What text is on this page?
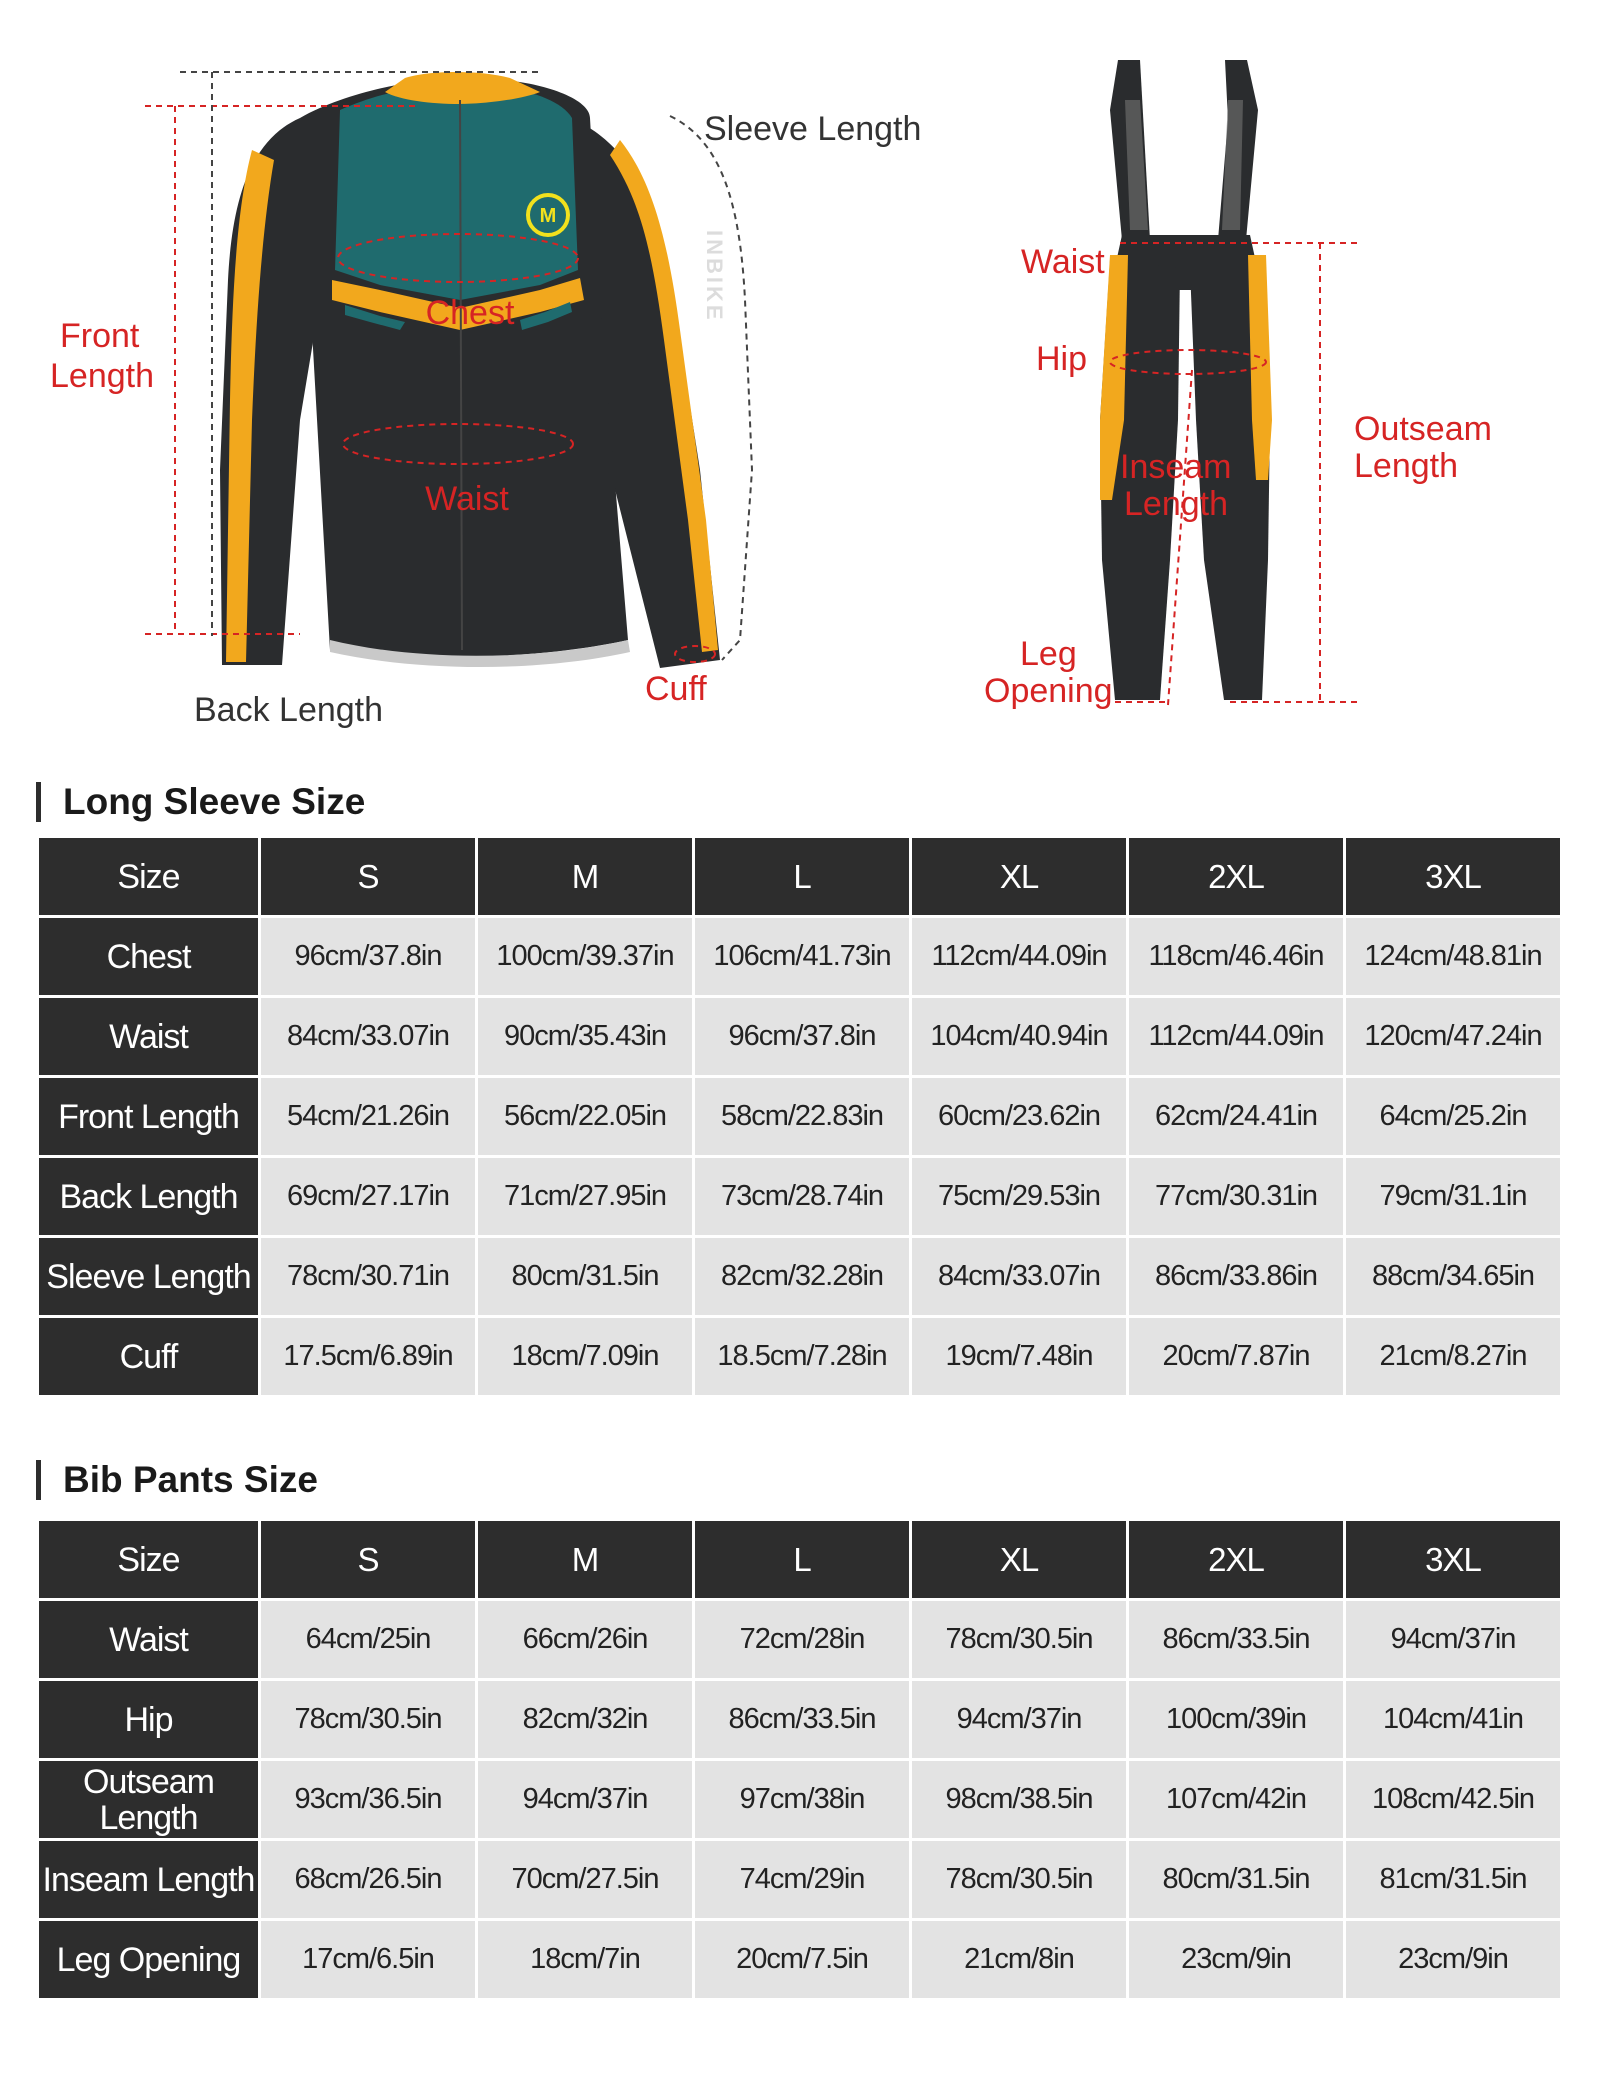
M
INBIKE
Sleeve Length
Front
Length
Chest
Waist
Back Length
Cuff
Waist
Hip
Outseam
Length
Inseam
Length
Leg
Opening
Long Sleeve Size
Size	S	M	L	XL	2XL	3XL
Chest	96cm/37.8in	100cm/39.37in	106cm/41.73in	112cm/44.09in	118cm/46.46in	124cm/48.81in
Waist	84cm/33.07in	90cm/35.43in	96cm/37.8in	104cm/40.94in	112cm/44.09in	120cm/47.24in
Front Length	54cm/21.26in	56cm/22.05in	58cm/22.83in	60cm/23.62in	62cm/24.41in	64cm/25.2in
Back Length	69cm/27.17in	71cm/27.95in	73cm/28.74in	75cm/29.53in	77cm/30.31in	79cm/31.1in
Sleeve Length	78cm/30.71in	80cm/31.5in	82cm/32.28in	84cm/33.07in	86cm/33.86in	88cm/34.65in
Cuff	17.5cm/6.89in	18cm/7.09in	18.5cm/7.28in	19cm/7.48in	20cm/7.87in	21cm/8.27in
Bib Pants Size
Size	S	M	L	XL	2XL	3XL
Waist	64cm/25in	66cm/26in	72cm/28in	78cm/30.5in	86cm/33.5in	94cm/37in
Hip	78cm/30.5in	82cm/32in	86cm/33.5in	94cm/37in	100cm/39in	104cm/41in
Outseam Length	93cm/36.5in	94cm/37in	97cm/38in	98cm/38.5in	107cm/42in	108cm/42.5in
Inseam Length	68cm/26.5in	70cm/27.5in	74cm/29in	78cm/30.5in	80cm/31.5in	81cm/31.5in
Leg Opening	17cm/6.5in	18cm/7in	20cm/7.5in	21cm/8in	23cm/9in	23cm/9in
